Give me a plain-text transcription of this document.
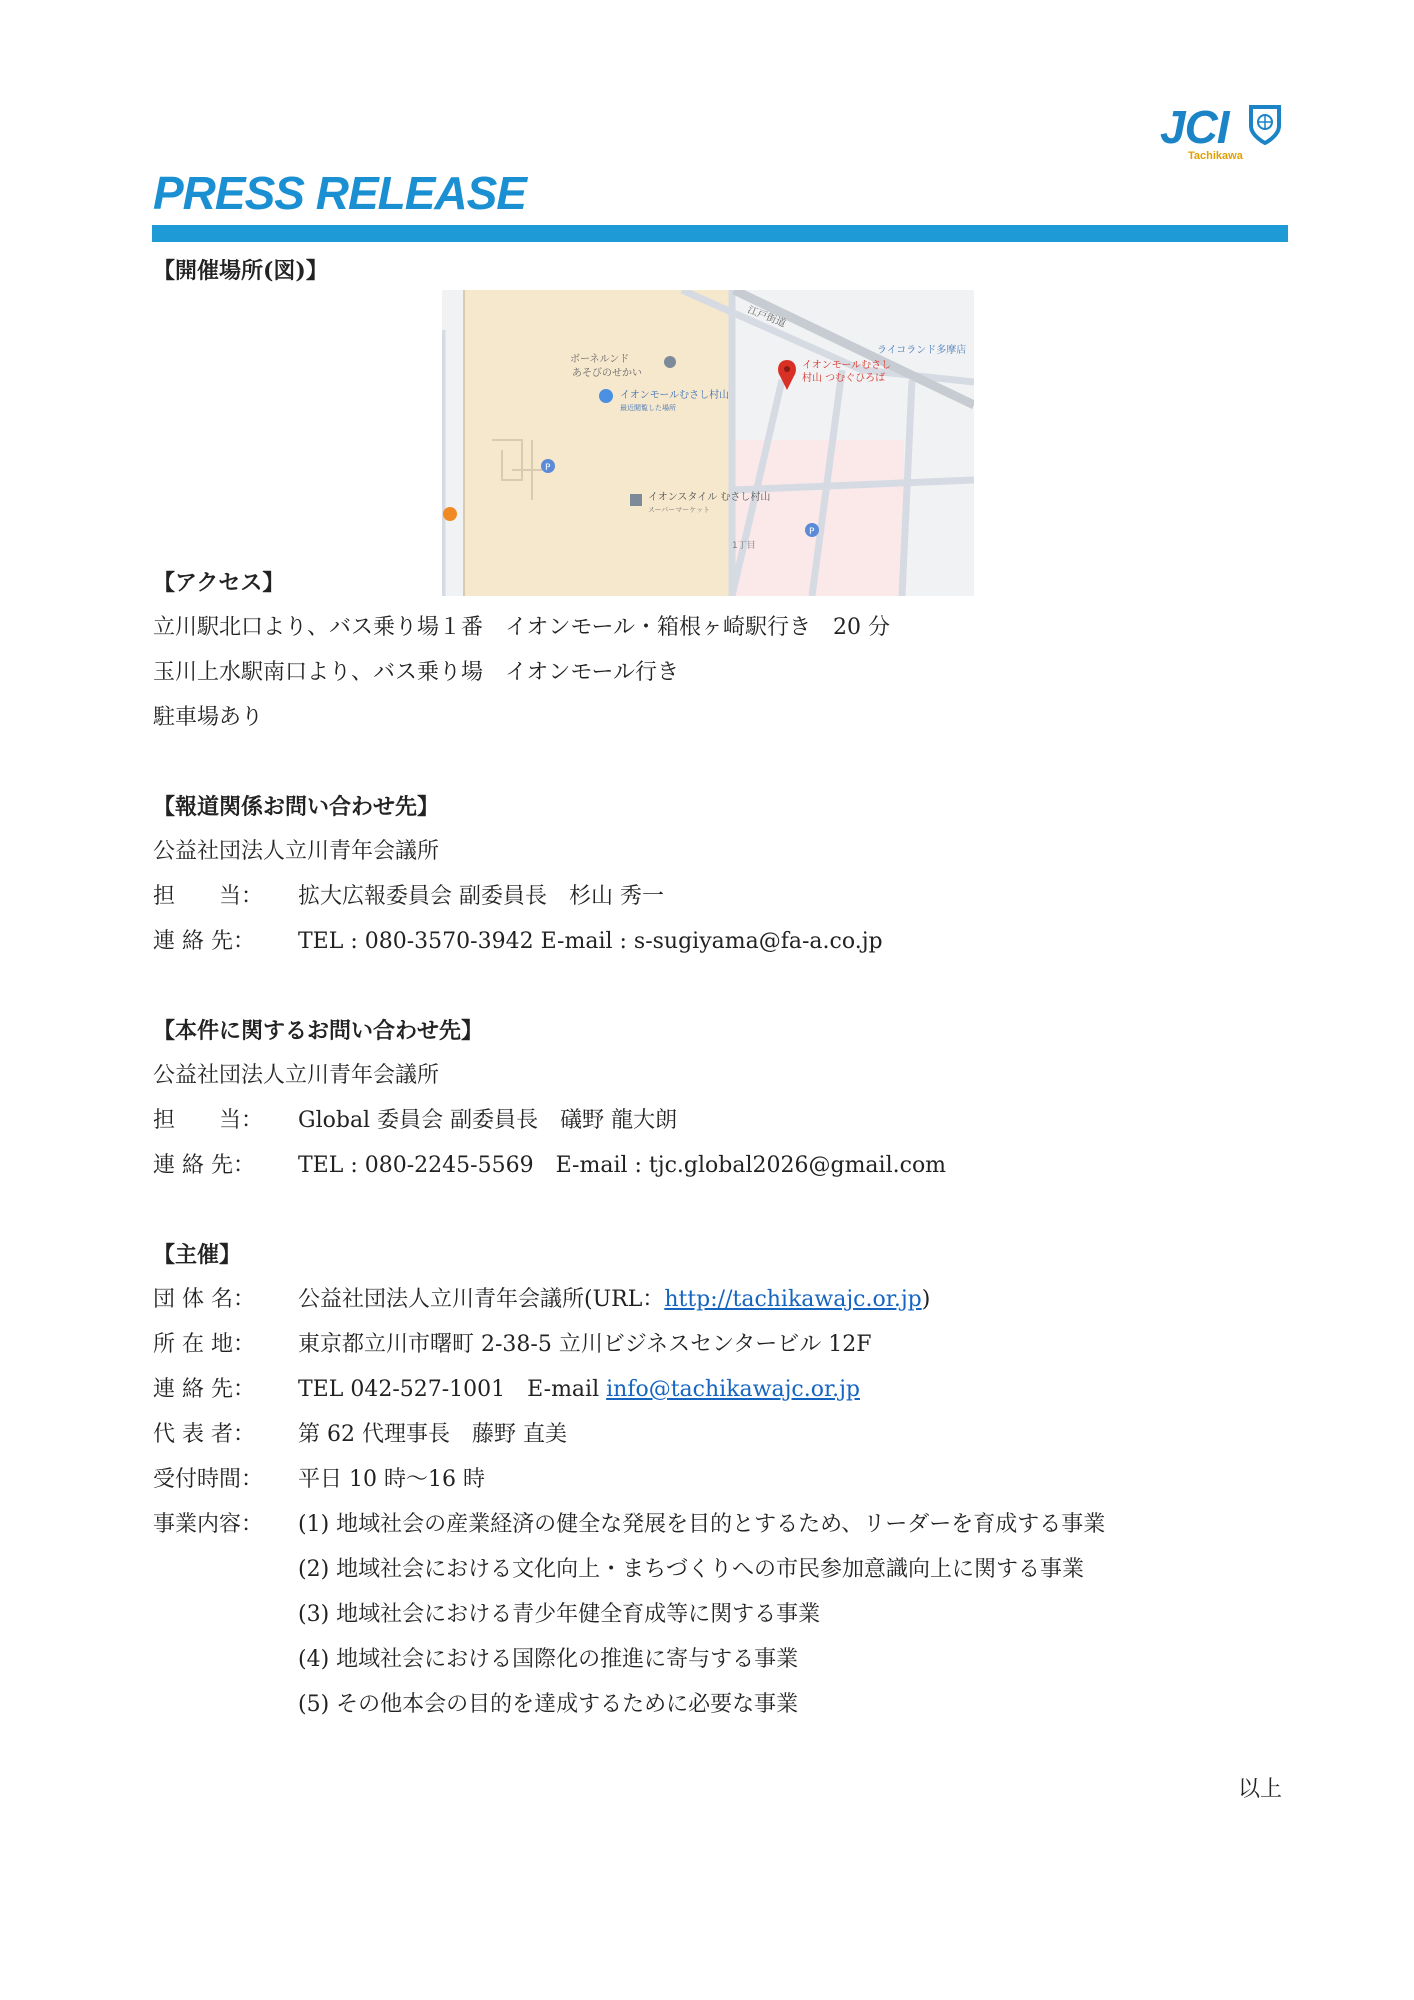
JCI
Tachikawa
PRESS RELEASE
【開催場所(図)】
江戸街道
ライコランド多摩店
ボーネルンド
あそびのせかい
イオンモールむさし村山
最近閲覧した場所
イオンモールむさし
村山 つむぐひろば
P
イオンスタイル むさし村山
スーパーマーケット
P
1丁目
【アクセス】
立川駅北口より、バス乗り場１番　イオンモール・箱根ヶ崎駅行き　20 分
玉川上水駅南口より、バス乗り場　イオンモール行き
駐車場あり
【報道関係お問い合わせ先】
公益社団法人立川青年会議所
担　　当： 拡大広報委員会 副委員長　杉山 秀一
連 絡 先： TEL : 080-3570-3942 E-mail : s-sugiyama@fa-a.co.jp
【本件に関するお問い合わせ先】
公益社団法人立川青年会議所
担　　当： Global 委員会 副委員長　礒野 龍大朗
連 絡 先： TEL : 080-2245-5569　E-mail : tjc.global2026@gmail.com
【主催】
団 体 名： 公益社団法人立川青年会議所(URL：http://tachikawajc.or.jp)
所 在 地： 東京都立川市曙町 2-38-5 立川ビジネスセンタービル 12F
連 絡 先： TEL 042-527-1001　E-mail info@tachikawajc.or.jp
代 表 者： 第 62 代理事長　藤野 直美
受付時間： 平日 10 時〜16 時
事業内容： (1) 地域社会の産業経済の健全な発展を目的とするため、リーダーを育成する事業
(2) 地域社会における文化向上・まちづくりへの市民参加意識向上に関する事業
(3) 地域社会における青少年健全育成等に関する事業
(4) 地域社会における国際化の推進に寄与する事業
(5) その他本会の目的を達成するために必要な事業
以上
